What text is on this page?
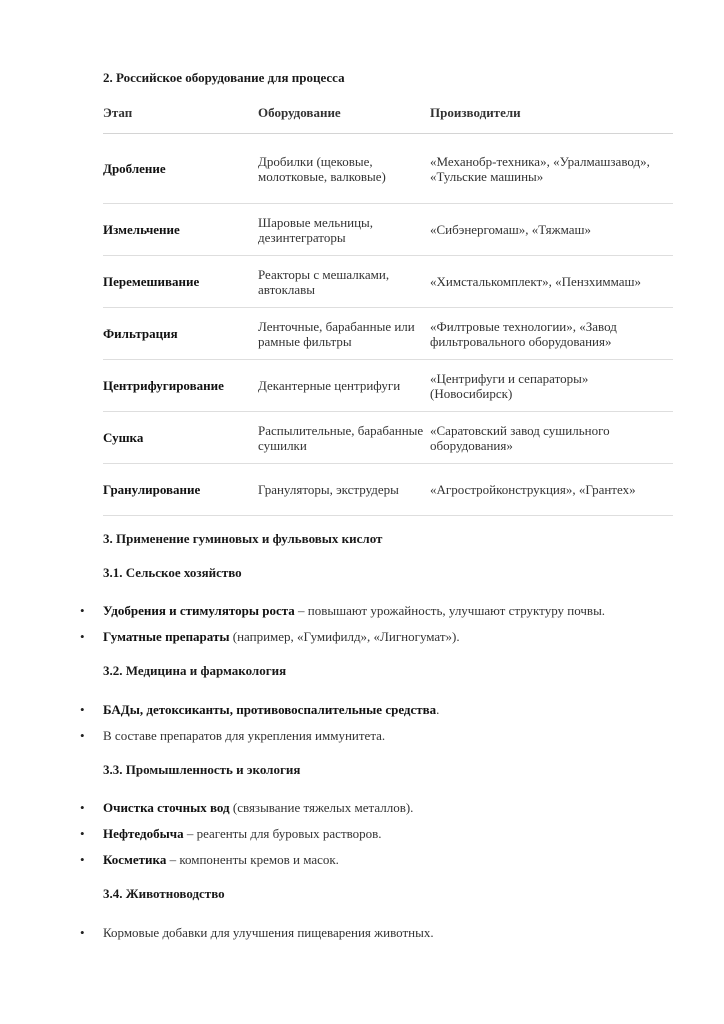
2. Российское оборудование для процесса
Этап	Оборудование	Производители
Дробление	Дробилки (щековые, молотковые, валковые)	«Механобр-техника», «Уралмашзавод», «Тульские машины»
Измельчение	Шаровые мельницы, дезинтеграторы	«Сибэнергомаш», «Тяжмаш»
Перемешивание	Реакторы с мешалками, автоклавы	«Химсталькомплект», «Пензхиммаш»
Фильтрация	Ленточные, барабанные или рамные фильтры	«Филтровые технологии», «Завод фильтровального оборудования»
Центрифугирование	Декантерные центрифуги	«Центрифуги и сепараторы» (Новосибирск)
Сушка	Распылительные, барабанные сушилки	«Саратовский завод сушильного оборудования»
Гранулирование	Грануляторы, экструдеры	«Агростройконструкция», «Грантех»
3. Применение гуминовых и фульвовых кислот
3.1. Сельское хозяйство
• Удобрения и стимуляторы роста – повышают урожайность, улучшают структуру почвы.
• Гуматные препараты (например, «Гумифилд», «Лигногумат»).
3.2. Медицина и фармакология
• БАДы, детоксиканты, противовоспалительные средства.
• В составе препаратов для укрепления иммунитета.
3.3. Промышленность и экология
• Очистка сточных вод (связывание тяжелых металлов).
• Нефтедобыча – реагенты для буровых растворов.
• Косметика – компоненты кремов и масок.
3.4. Животноводство
• Кормовые добавки для улучшения пищеварения животных.
